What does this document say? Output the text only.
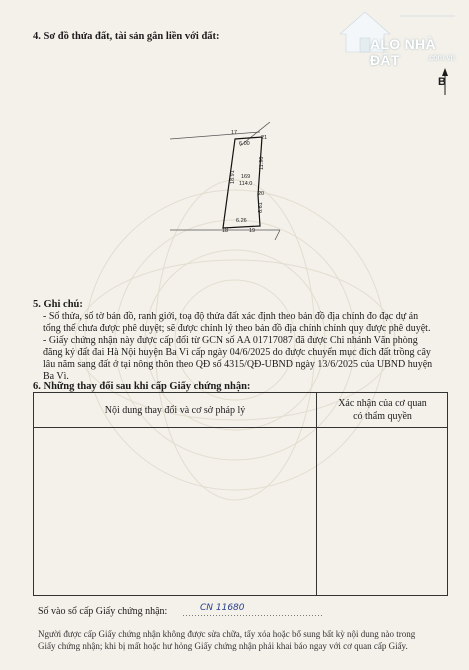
ALO NHÀ ĐẤT	.com.vn
B
4. Sơ đồ thửa đất, tài sản gắn liền với đất:
17
21
20
18	19
6.00
6.26
18.91
11.96
6.61
169
114.0
5. Ghi chú:
- Số thửa, số tờ bản đồ, ranh giới, toạ độ thửa đất xác định theo bản đồ địa chính đo đạc dự án
tổng thể chưa được phê duyệt; sẽ được chỉnh lý theo bản đồ địa chính chính quy được phê duyệt.
- Giấy chứng nhận này được cấp đổi từ GCN số AA 01717087 đã được Chi nhánh Văn phòng
đăng ký đất đai Hà Nội huyện Ba Vì cấp ngày 04/6/2025 do được chuyển mục đích đất trồng cây
lâu năm sang đất ở tại nông thôn theo QĐ số 4315/QĐ-UBND ngày 13/6/2025 của UBND huyện
Ba Vì.
6. Những thay đổi sau khi cấp Giấy chứng nhận:
Nội dung thay đổi và cơ sở pháp lý
Xác nhận của cơ quan
có thẩm quyền
Số vào sổ cấp Giấy chứng nhận:	CN 11680
Người được cấp Giấy chứng nhận không được sửa chữa, tẩy xóa hoặc bổ sung bất kỳ nội dung nào trong
Giấy chứng nhận; khi bị mất hoặc hư hỏng Giấy chứng nhận phải khai báo ngay với cơ quan cấp Giấy.
